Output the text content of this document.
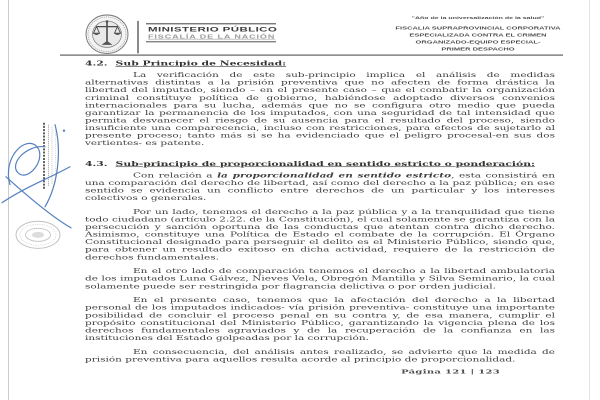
MINISTERIO PÚBLICO
FISCALÍA DE LA NACIÓN
"Año de la universalización de la salud"
FISCALIA SUPRAPROVINCIAL CORPORATIVA
ESPECIALIZADA CONTRA EL CRIMEN
ORGANIZADO-EQUIPO ESPECIAL-
PRIMER DESPACHO
4.2. Sub Principio de Necesidad:

La verificación de este sub-principio implica el análisis de medidas alternativas distintas a la prisión preventiva que no afecten de forma drástica la libertad del imputado, siendo – en el presente caso – que el combatir la organización criminal constituye política de gobierno, habiéndose adoptado diversos convenios internacionales para su lucha, además que no se configura otro medio que pueda garantizar la permanencia de los imputados, con una seguridad de tal intensidad que permita desvanecer el riesgo de su ausencia para el resultado del proceso, siendo insuficiente una comparecencia, incluso con restricciones, para efectos de sujetarlo al presente proceso; tanto más si se ha evidenciado que el peligro procesal-en sus dos vertientes- es patente.

4.3. Sub-principio de proporcionalidad en sentido estricto o ponderación:

Con relación a la proporcionalidad en sentido estricto, esta consistirá en una comparación del derecho de libertad, así como del derecho a la paz pública; en ese sentido se evidencia un conflicto entre derechos de un particular y los intereses colectivos o generales.

Por un lado, tenemos el derecho a la paz pública y a la tranquilidad que tiene todo ciudadano (artículo 2.22. de la Constitución), el cual solamente se garantiza con la persecución y sanción oportuna de las conductas que atentan contra dicho derecho. Asimismo, constituye una Política de Estado el combate de la corrupción. El Órgano Constitucional designado para perseguir el delito es el Ministerio Público, siendo que, para obtener un resultado exitoso en dicha actividad, requiere de la restricción de derechos fundamentales.

En el otro lado de comparación tenemos el derecho a la libertad ambulatoria de los imputados Luna Gálvez, Nieves Vela, Obregón Mantilla y Silva Seminario, la cual solamente puede ser restringida por flagrancia delictiva o por orden judicial.

En el presente caso, tenemos que la afectación del derecho a la libertad personal de los imputados indicados- vía prisión preventiva- constituye una importante posibilidad de concluir el proceso penal en su contra y, de esa manera, cumplir el propósito constitucional del Ministerio Público, garantizando la vigencia plena de los derechos fundamentales agraviados y de la recuperación de la confianza en las instituciones del Estado golpeadas por la corrupción.

En consecuencia, del análisis antes realizado, se advierte que la medida de prisión preventiva para aquellos resulta acorde al principio de proporcionalidad.

Página 121 | 123
